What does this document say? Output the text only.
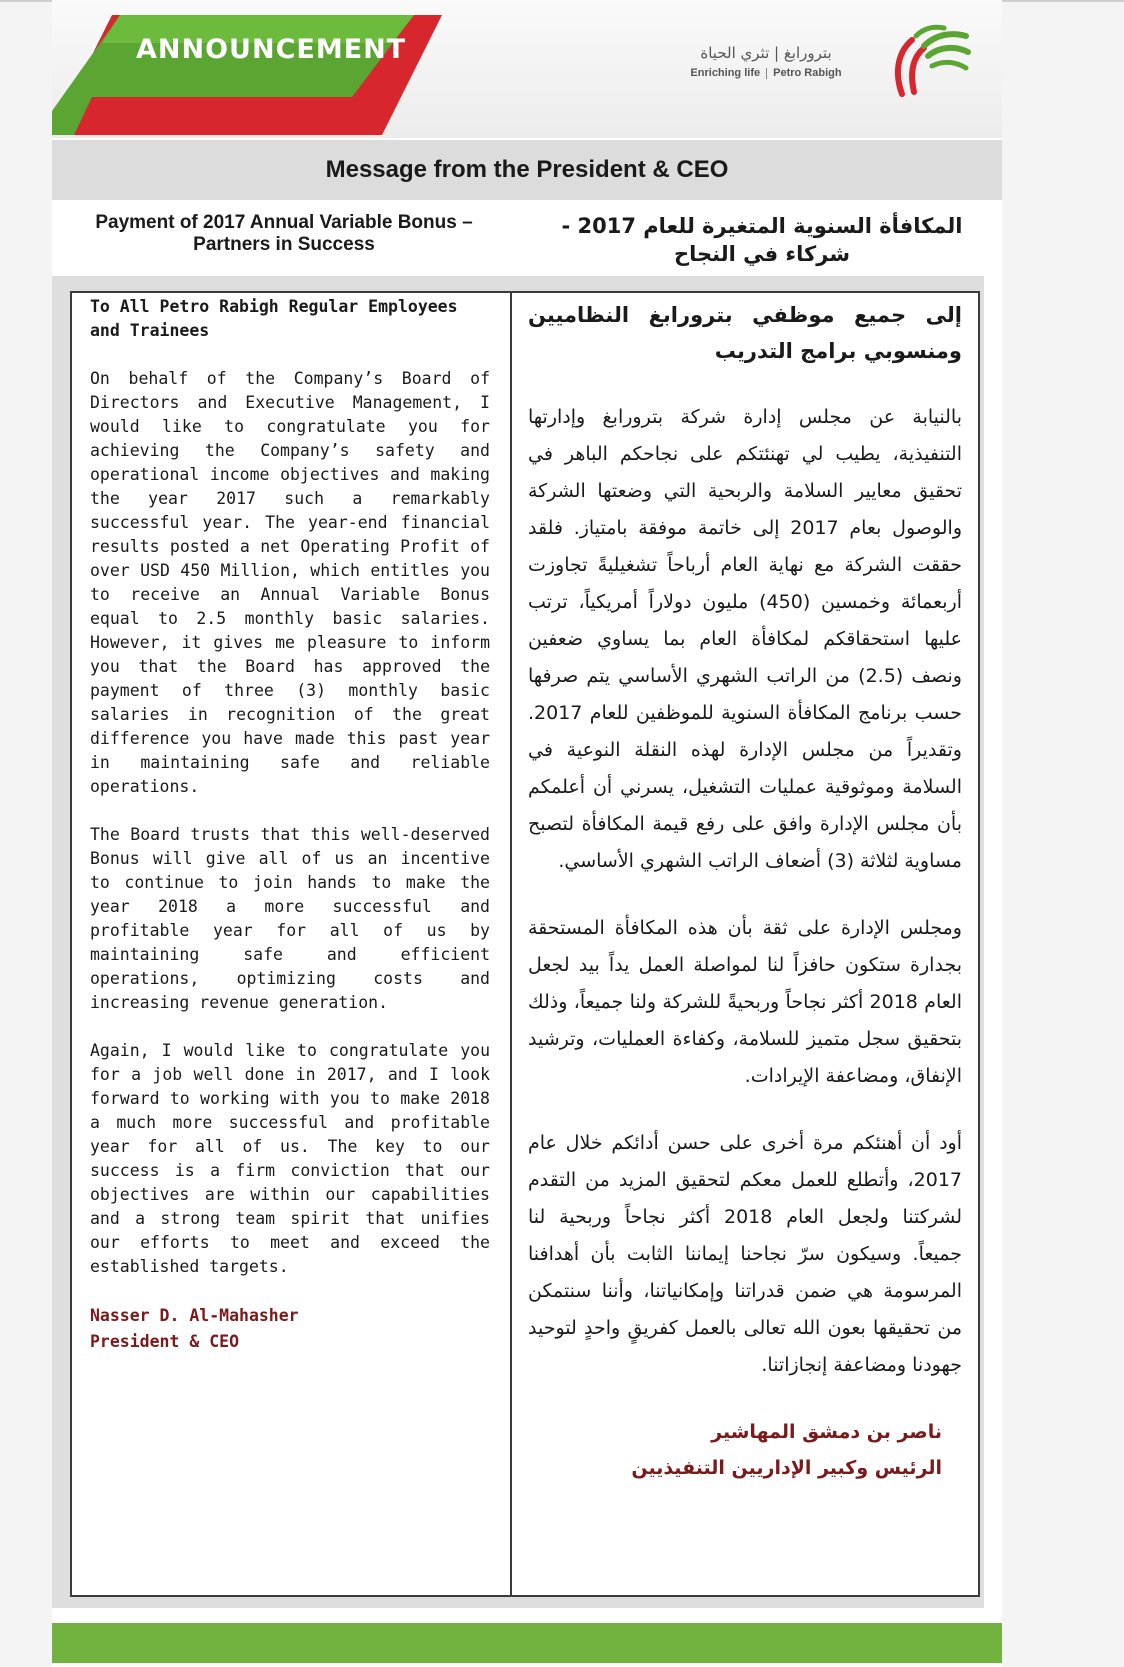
ANNOUNCEMENT	بترورابغ | تثري الحياة
Enriching life Petro Rabigh
Message from the President & CEO
Payment of 2017 Annual Variable Bonus – Partners in Success
المكافأة السنوية المتغيرة للعام 2017 - شركاء في النجاح

To All Petro Rabigh Regular Employees and Trainees

On behalf of the Company’s Board of Directors and Executive Management, I would like to congratulate you for achieving the Company’s safety and operational income objectives and making the year 2017 such a remarkably successful year. The year-end financial results posted a net Operating Profit of over USD 450 Million, which entitles you to receive an Annual Variable Bonus equal to 2.5 monthly basic salaries. However, it gives me pleasure to inform you that the Board has approved the payment of three (3) monthly basic salaries in recognition of the great difference you have made this past year in maintaining safe and reliable operations.

The Board trusts that this well-deserved Bonus will give all of us an incentive to continue to join hands to make the year 2018 a more successful and profitable year for all of us by maintaining safe and efficient operations, optimizing costs and increasing revenue generation.

Again, I would like to congratulate you for a job well done in 2017, and I look forward to working with you to make 2018 a much more successful and profitable year for all of us. The key to our success is a firm conviction that our objectives are within our capabilities and a strong team spirit that unifies our efforts to meet and exceed the established targets.

Nasser D. Al-Mahasher

President & CEO

إلى جميع موظفي بترورابغ النظاميين ومنسوبي برامج التدريب

بالنيابة عن مجلس إدارة شركة بترورابغ وإدارتها التنفيذية، يطيب لي تهنئتكم على نجاحكم الباهر في تحقيق معايير السلامة والربحية التي وضعتها الشركة والوصول بعام 2017 إلى خاتمة موفقة بامتياز. فلقد حققت الشركة مع نهاية العام أرباحاً تشغيليةً تجاوزت أربعمائة وخمسين (450) مليون دولاراً أمريكياً، ترتب عليها استحقاقكم لمكافأة العام بما يساوي ضعفين ونصف (2.5) من الراتب الشهري الأساسي يتم صرفها حسب برنامج المكافأة السنوية للموظفين للعام 2017. وتقديراً من مجلس الإدارة لهذه النقلة النوعية في السلامة وموثوقية عمليات التشغيل، يسرني أن أعلمكم بأن مجلس الإدارة وافق على رفع قيمة المكافأة لتصبح مساوية لثلاثة (3) أضعاف الراتب الشهري الأساسي.

ومجلس الإدارة على ثقة بأن هذه المكافأة المستحقة بجدارة ستكون حافزاً لنا لمواصلة العمل يداً بيد لجعل العام 2018 أكثر نجاحاً وربحيةً للشركة ولنا جميعاً، وذلك بتحقيق سجل متميز للسلامة، وكفاءة العمليات، وترشيد الإنفاق، ومضاعفة الإيرادات.

أود أن أهنئكم مرة أخرى على حسن أدائكم خلال عام 2017، وأتطلع للعمل معكم لتحقيق المزيد من التقدم لشركتنا ولجعل العام 2018 أكثر نجاحاً وربحية لنا جميعاً. وسيكون سرّ نجاحنا إيماننا الثابت بأن أهدافنا المرسومة هي ضمن قدراتنا وإمكانياتنا، وأننا سنتمكن من تحقيقها بعون الله تعالى بالعمل كفريقٍ واحدٍ لتوحيد جهودنا ومضاعفة إنجازاتنا.

ناصر بن دمشق المهاشير

الرئيس وكبير الإداريين التنفيذيين
